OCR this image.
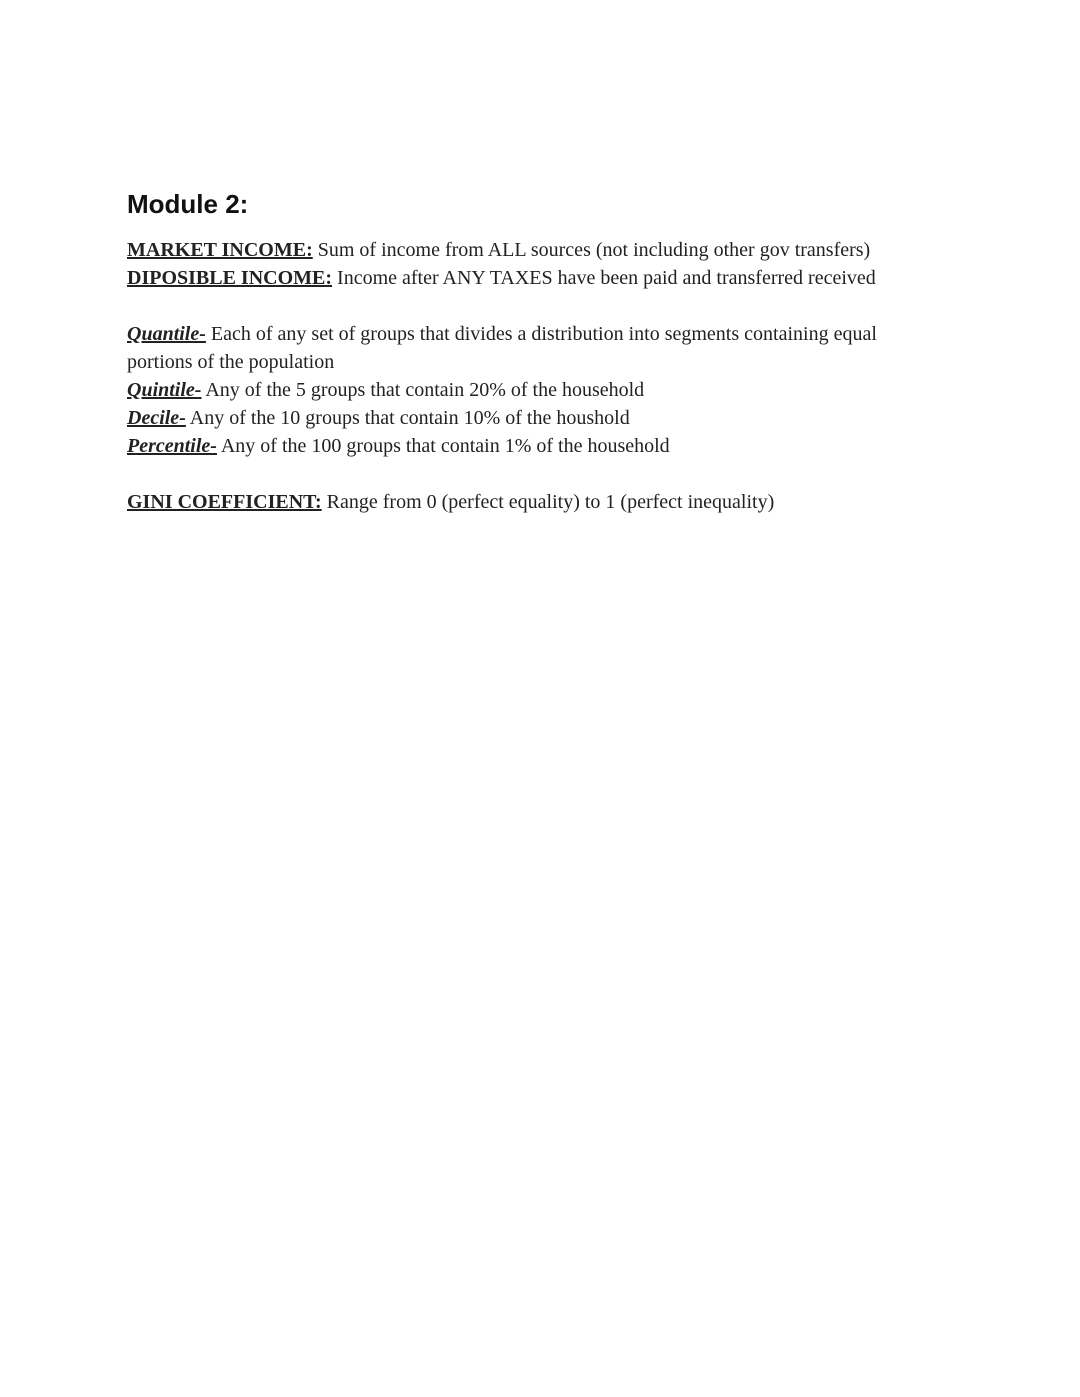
Module 2:

MARKET INCOME: Sum of income from ALL sources (not including other gov transfers)

DIPOSIBLE INCOME: Income after ANY TAXES have been paid and transferred received

Quantile- Each of any set of groups that divides a distribution into segments containing equal portions of the population

Quintile- Any of the 5 groups that contain 20% of the household

Decile- Any of the 10 groups that contain 10% of the houshold

Percentile- Any of the 100 groups that contain 1% of the household

GINI COEFFICIENT: Range from 0 (perfect equality) to 1 (perfect inequality)
